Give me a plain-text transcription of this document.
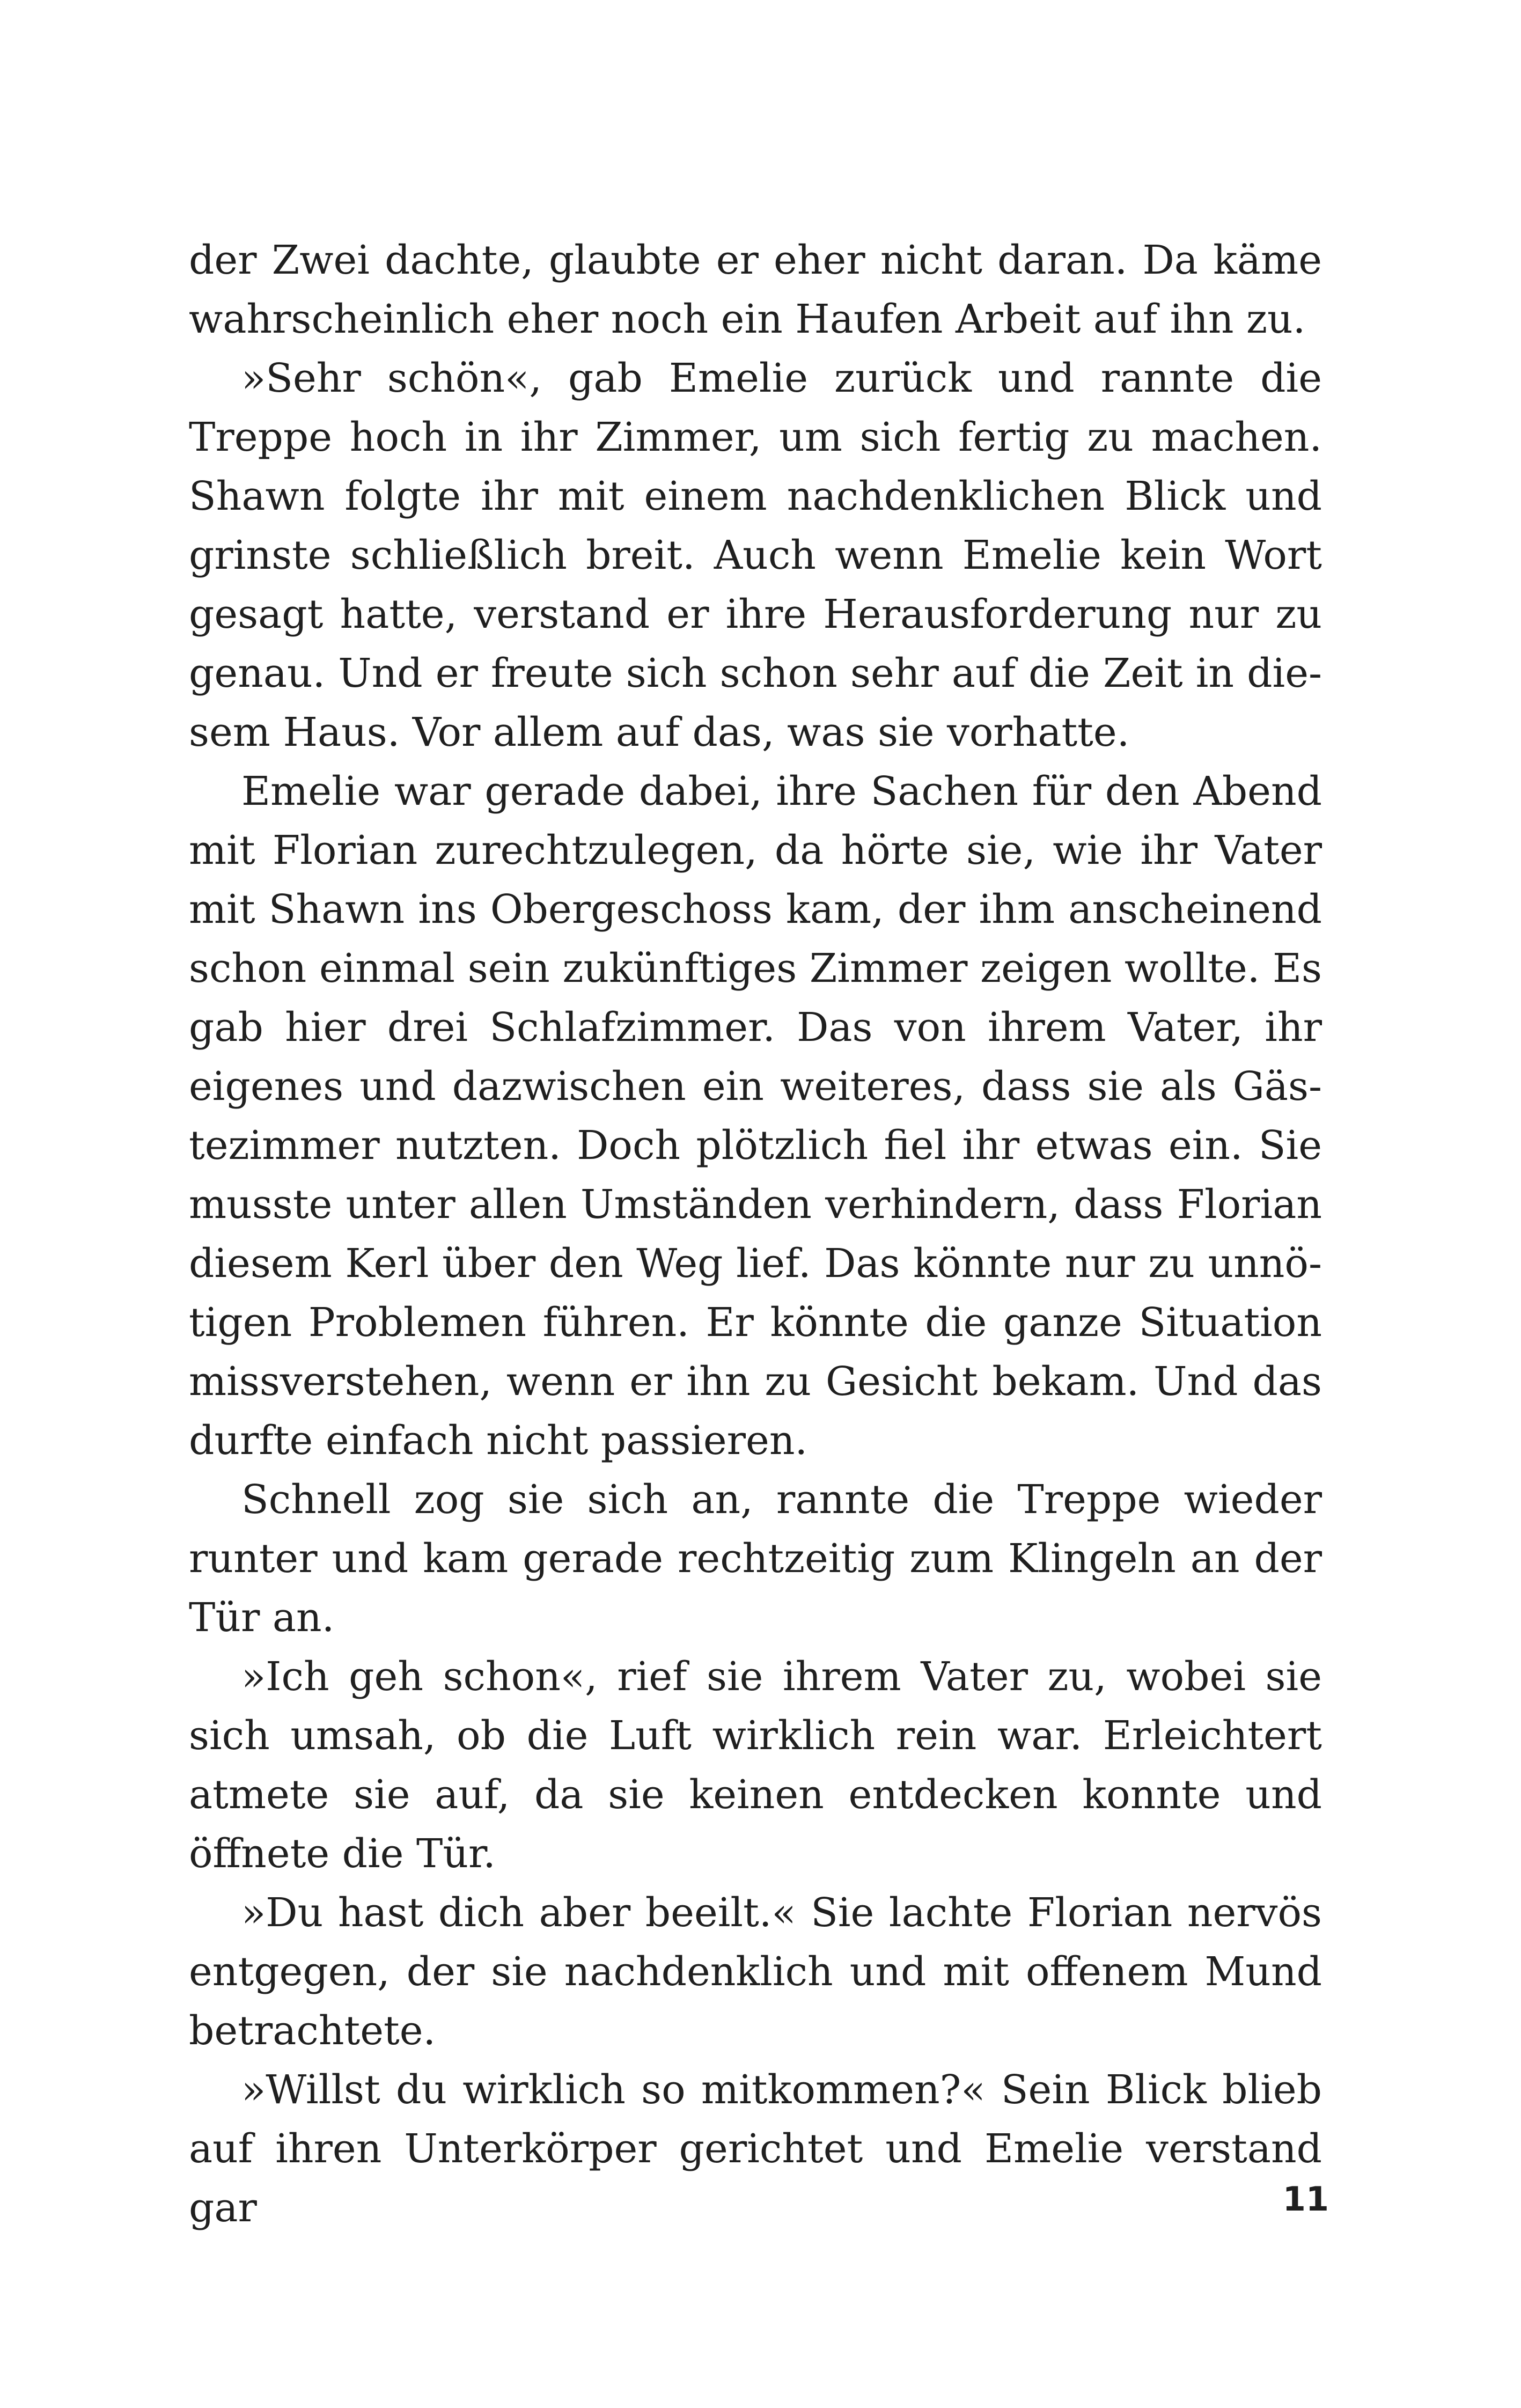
der Zwei dachte, glaubte er eher nicht daran. Da käme wahrscheinlich eher noch ein Haufen Arbeit auf ihn zu.

»Sehr schön«, gab Emelie zurück und rannte die Treppe hoch in ihr Zimmer, um sich fertig zu machen. Shawn folgte ihr mit einem nachdenklichen Blick und grinste schließlich breit. Auch wenn Emelie kein Wort gesagt hatte, verstand er ihre Herausforderung nur zu genau. Und er freute sich schon sehr auf die Zeit in diesem Haus. Vor allem auf das, was sie vorhatte.

Emelie war gerade dabei, ihre Sachen für den Abend mit Florian zurechtzulegen, da hörte sie, wie ihr Vater mit Shawn ins Obergeschoss kam, der ihm anscheinend schon einmal sein zukünftiges Zimmer zeigen wollte. Es gab hier drei Schlafzimmer. Das von ihrem Vater, ihr eigenes und dazwischen ein weiteres, dass sie als Gästezimmer nutzten. Doch plötzlich fiel ihr etwas ein. Sie musste unter allen Umständen verhindern, dass Florian diesem Kerl über den Weg lief. Das könnte nur zu unnötigen Problemen führen. Er könnte die ganze Situation missverstehen, wenn er ihn zu Gesicht bekam. Und das durfte einfach nicht passieren.

Schnell zog sie sich an, rannte die Treppe wieder runter und kam gerade rechtzeitig zum Klingeln an der Tür an.

»Ich geh schon«, rief sie ihrem Vater zu, wobei sie sich umsah, ob die Luft wirklich rein war. Erleichtert atmete sie auf, da sie keinen entdecken konnte und öffnete die Tür.

»Du hast dich aber beeilt.« Sie lachte Florian nervös entgegen, der sie nachdenklich und mit offenem Mund betrachtete.

»Willst du wirklich so mitkommen?« Sein Blick blieb auf ihren Unterkörper gerichtet und Emelie verstand gar	11
